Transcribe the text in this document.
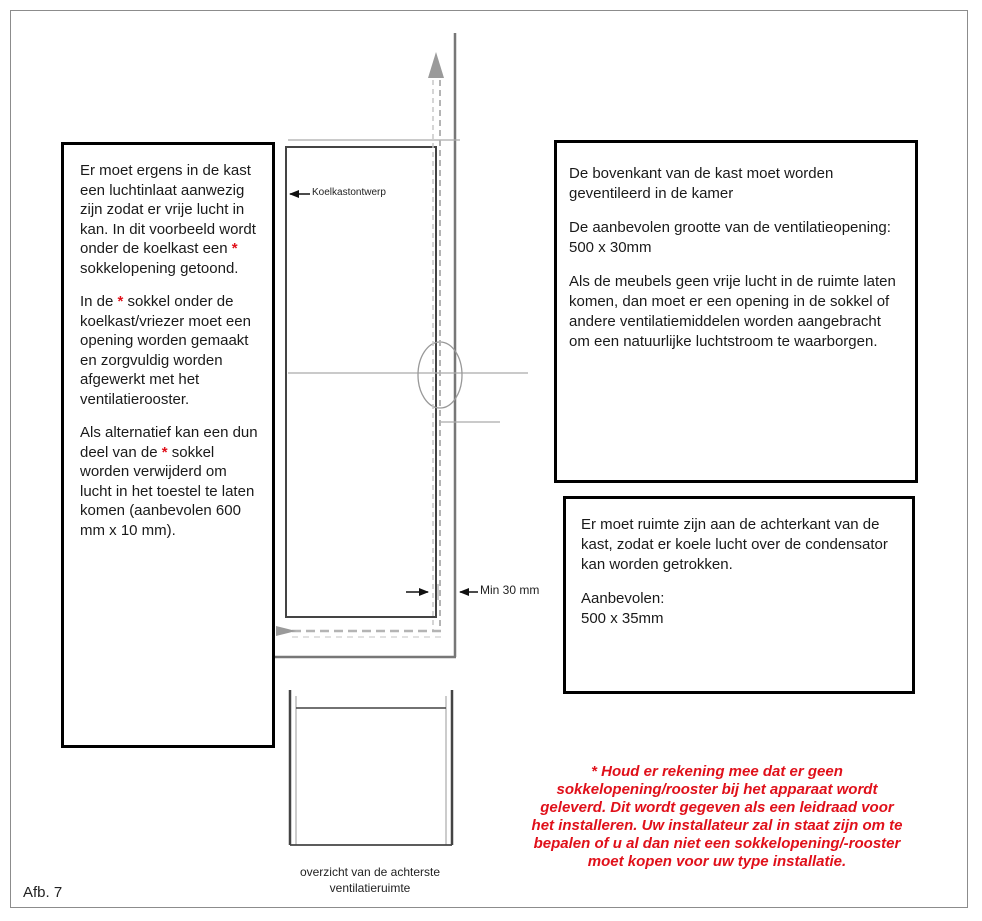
Koelkastontwerp
Min 30 mm

Er moet ergens in de kast een luchtinlaat aanwezig zijn zodat er vrije lucht in kan. In dit voorbeeld wordt onder de koelkast een * sokkelopening getoond.

In de * sokkel onder de koelkast/vriezer moet een opening worden gemaakt en zorgvuldig worden afgewerkt met het ventilatierooster.

Als alternatief kan een dun deel van de * sokkel worden verwijderd om lucht in het toestel te laten komen (aanbevolen 600 mm x 10 mm).

De bovenkant van de kast moet worden geventileerd in de kamer

De aanbevolen grootte van de ventilatieopening:
500 x 30mm

Als de meubels geen vrije lucht in de ruimte laten komen, dan moet er een opening in de sokkel of andere ventilatiemiddelen worden aangebracht om een natuurlijke luchtstroom te waarborgen.

Er moet ruimte zijn aan de achterkant van de kast, zodat er koele lucht over de condensator kan worden getrokken.

Aanbevolen:
500 x 35mm

* Houd er rekening mee dat er geen sokkelopening/rooster bij het apparaat wordt geleverd. Dit wordt gegeven als een leidraad voor het installeren. Uw installateur zal in staat zijn om te bepalen of u al dan niet een sokkelopening/-rooster moet kopen voor uw type installatie.
overzicht van de achterste ventilatieruimte
Afb. 7
